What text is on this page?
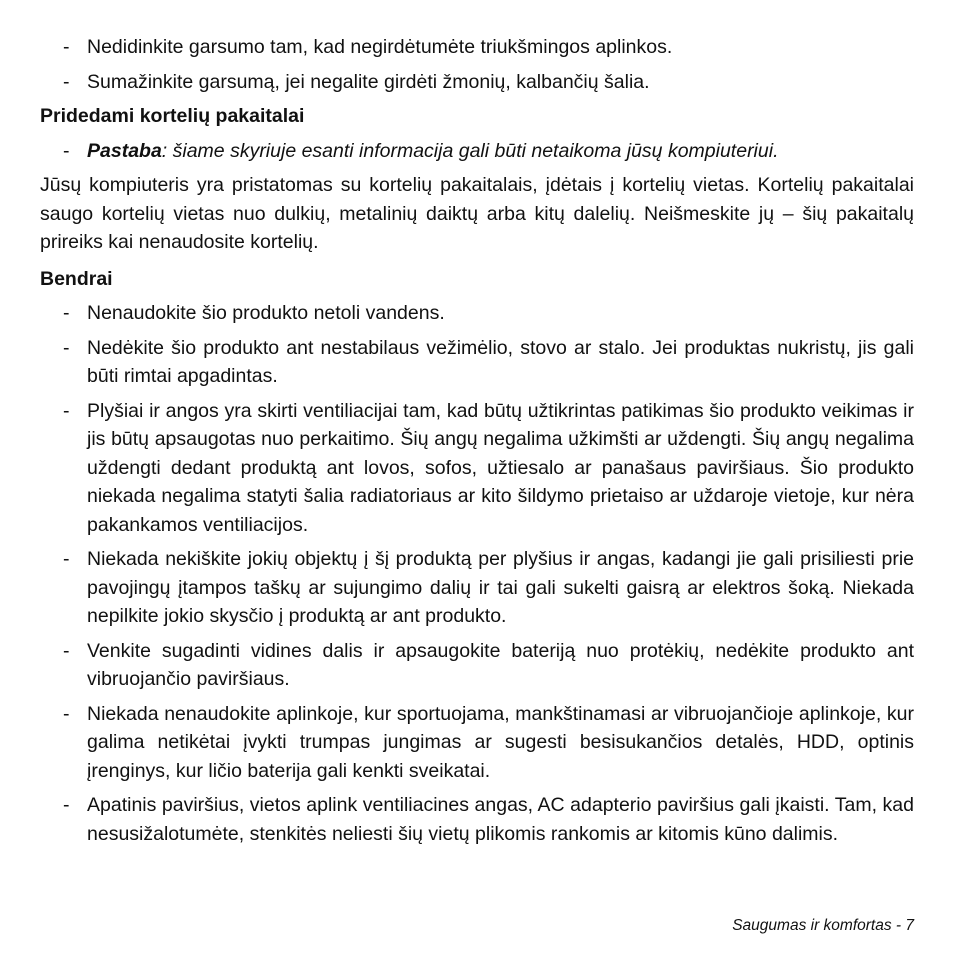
- Nedidinkite garsumo tam, kad negirdėtumėte triukšmingos aplinkos.
- Sumažinkite garsumą, jei negalite girdėti žmonių, kalbančių šalia.
Pridedami kortelių pakaitalai
- Pastaba: šiame skyriuje esanti informacija gali būti netaikoma jūsų kompiuteriui.
Jūsų kompiuteris yra pristatomas su kortelių pakaitalais, įdėtais į kortelių vietas. Kortelių pakaitalai saugo kortelių vietas nuo dulkių, metalinių daiktų arba kitų dalelių. Neišmeskite jų – šių pakaitalų prireiks kai nenaudosite kortelių.
Bendrai
- Nenaudokite šio produkto netoli vandens.
- Nedėkite šio produkto ant nestabilaus vežimėlio, stovo ar stalo. Jei produktas nukristų, jis gali būti rimtai apgadintas.
- Plyšiai ir angos yra skirti ventiliacijai tam, kad būtų užtikrintas patikimas šio produkto veikimas ir jis būtų apsaugotas nuo perkaitimo. Šių angų negalima užkimšti ar uždengti. Šių angų negalima uždengti dedant produktą ant lovos, sofos, užtiesalo ar panašaus paviršiaus. Šio produkto niekada negalima statyti šalia radiatoriaus ar kito šildymo prietaiso ar uždaroje vietoje, kur nėra pakankamos ventiliacijos.
- Niekada nekiškite jokių objektų į šį produktą per plyšius ir angas, kadangi jie gali prisiliesti prie pavojingų įtampos taškų ar sujungimo dalių ir tai gali sukelti gaisrą ar elektros šoką. Niekada nepilkite jokio skysčio į produktą ar ant produkto.
- Venkite sugadinti vidines dalis ir apsaugokite bateriją nuo protėkių, nedėkite produkto ant vibruojančio paviršiaus.
- Niekada nenaudokite aplinkoje, kur sportuojama, mankštinamasi ar vibruojančioje aplinkoje, kur galima netikėtai įvykti trumpas jungimas ar sugesti besisukančios detalės, HDD, optinis įrenginys, kur ličio baterija gali kenkti sveikatai.
- Apatinis paviršius, vietos aplink ventiliacines angas, AC adapterio paviršius gali įkaisti. Tam, kad nesusižalotumėte, stenkitės neliesti šių vietų plikomis rankomis ar kitomis kūno dalimis.
Saugumas ir komfortas - 7
